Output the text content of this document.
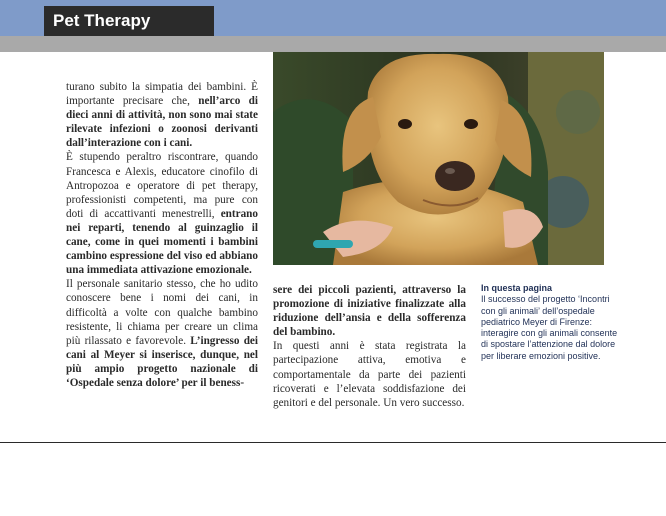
Pet Therapy

turano subito la simpatia dei bambini. È importante precisare che, nell’arco di dieci anni di attività, non sono mai state rilevate infezioni o zoonosi derivanti dall’interazione con i cani.

È stupendo peraltro riscontrare, quando Francesca e Alexis, educatore cinofilo di Antropozoa e operatore di pet therapy, professionisti competenti, ma pure con doti di accattivanti menestrelli, entrano nei reparti, tenendo al guinzaglio il cane, come in quei momenti i bambini cambino espressione del viso ed abbiano una immediata attivazione emozionale.

Il personale sanitario stesso, che ho udito conoscere bene i nomi dei cani, in difficoltà a volte con qualche bambino resistente, li chiama per creare un clima più rilassato e favorevole. L’ingresso dei cani al Meyer si inserisce, dunque, nel più ampio progetto nazionale di ‘Ospedale senza dolore’ per il beness-

sere dei piccoli pazienti, attraverso la promozione di iniziative finalizzate alla riduzione dell’ansia e della sofferenza del bambino.

In questi anni è stata registrata la partecipazione attiva, emotiva e comportamentale da parte dei pazienti ricoverati e l’elevata soddisfazione dei genitori e del personale. Un vero successo.

In questa pagina
Il successo del progetto ‘Incontri con gli animali’ dell’ospedale pediatrico Meyer di Firenze: interagire con gli animali consente di spostare l’attenzione dal dolore per liberare emozioni positive.
